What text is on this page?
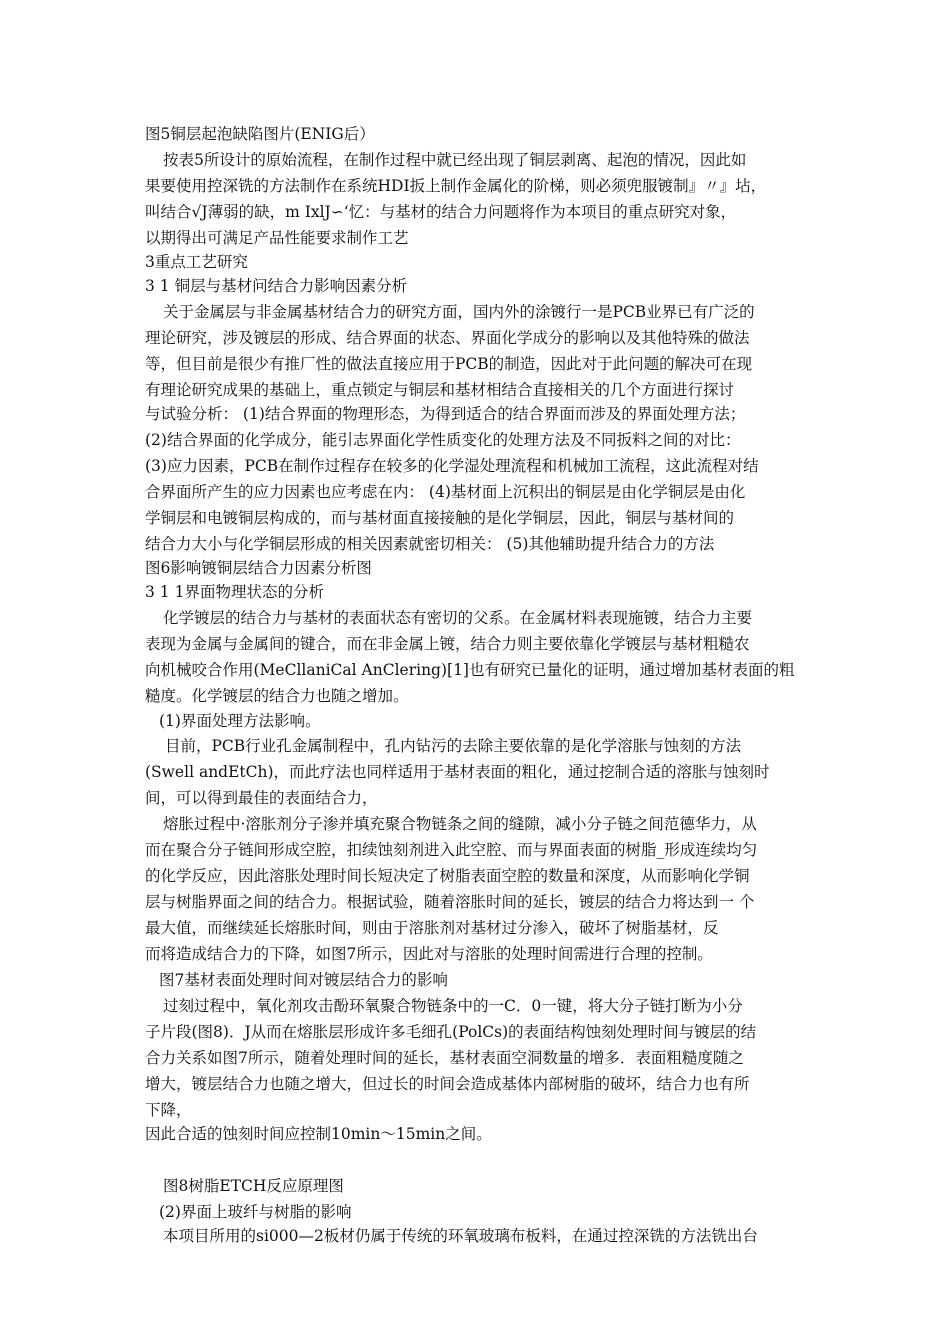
图5铜层起泡缺陷图片(ENIG后）
按表5所设计的原始流程，在制作过程中就已经出现了铜层剥离、起泡的情况，因此如
果要使用控深铣的方法制作在系统HDI扳上制作金属化的阶梯，则必须兜服镀制』〃』坫，
叫结合√J薄弱的缺，m IxlJ∽‘忆：与基材的结合力问题将作为本项目的重点研究对象，
以期得出可满足产品性能要求制作工艺
3重点工艺研究
3 1 铜层与基材问结合力影响因素分析
关于金属层与非金属基材结合力的研究方面，国内外的涂镀行一是PCB业界已有广泛的
理论研究，涉及镀层的形成、结合界面的状态、界面化学成分的影响以及其他特殊的做法
等，但目前是很少有推厂性的做法直接应用于PCB的制造，因此对于此问题的解决可在现
有理论研究成果的基础上，重点锁定与铜层和基材相结合直接相关的几个方面进行探讨
与试验分析： (1)结合界面的物理形态，为得到适合的结合界面而涉及的界面处理方法；
(2)结合界面的化学成分，能引志界面化学性质变化的处理方法及不同扳料之间的对比：
(3)应力因素，PCB在制作过程存在较多的化学湿处理流程和机械加工流程，这此流程对结
合界面所产生的应力因素也应考虑在内： (4)基材面上沉积出的铜层是由化学铜层是由化
学铜层和电镀铜层构成的，而与基材面直接接触的是化学铜层，因此，铜层与基材间的
结合力大小与化学铜层形成的相关因素就密切相关： (5)其他辅助提升结合力的方法
图6影响镀铜层结合力因素分析图
3 1 1界面物理状态的分析
化学镀层的结合力与基材的表面状态有密切的父系。在金属材料表现施镀，结合力主要
表现为金属与金属间的键合，而在非金属上镀，结合力则主要依靠化学镀层与基材粗糙农
向机械咬合作用(MeCllaniCal AnClering)[1]也有研究已量化的证明，通过增加基材表面的粗
糙度。化学镀层的结合力也随之增加。
(1)界面处理方法影响。
目前，PCB行业孔金属制程中，孔内钻污的去除主要依靠的是化学溶胀与蚀刻的方法
(Swell andEtCh)，而此疗法也同样适用于基材表面的粗化，通过挖制合适的溶胀与蚀刻时
间，可以得到最佳的表面结合力，
熔胀过程中·溶胀剂分子渗并填充聚合物链条之间的缝隙，减小分子链之间范德华力，从
而在聚合分子链间形成空腔，扣续蚀刻剂进入此空腔、而与界面表面的树脂_形成连续均匀
的化学反应，因此溶胀处理时间长短决定了树脂表面空腔的数量和深度，从而影响化学铜
层与树脂界面之间的结合力。根据试验，随着溶胀时间的延长，镀层的结合力将达到一 个
最大值，而继续延长熔胀时间，则由于溶胀剂对基材过分渗入，破坏了树脂基材，反
而将造成结合力的下降，如图7所示，因此对与溶胀的处理时间需进行合理的控制。
图7基材表面处理时间对镀层结合力的影响
过刻过程中，氧化剂攻击酚环氧聚合物链条中的一C．0一键，将大分子链打断为小分
子片段(图8)．J从而在熔胀层形成许多毛细孔(PolCs)的表面结构蚀刻处理时间与镀层的结
合力关系如图7所示，随着处理时间的延长，基材表面空洞数量的增多．表面粗糙度随之
增大，镀层结合力也随之增大，但过长的时间会造成基体内部树脂的破坏，结合力也有所
下降，
因此合适的蚀刻时间应控制10min～15min之间。
图8树脂ETCH反应原理图
(2)界面上玻纤与树脂的影响
本项目所用的si000—2板材仍属于传统的环氧玻璃布板料，在通过控深铣的方法铣出台
